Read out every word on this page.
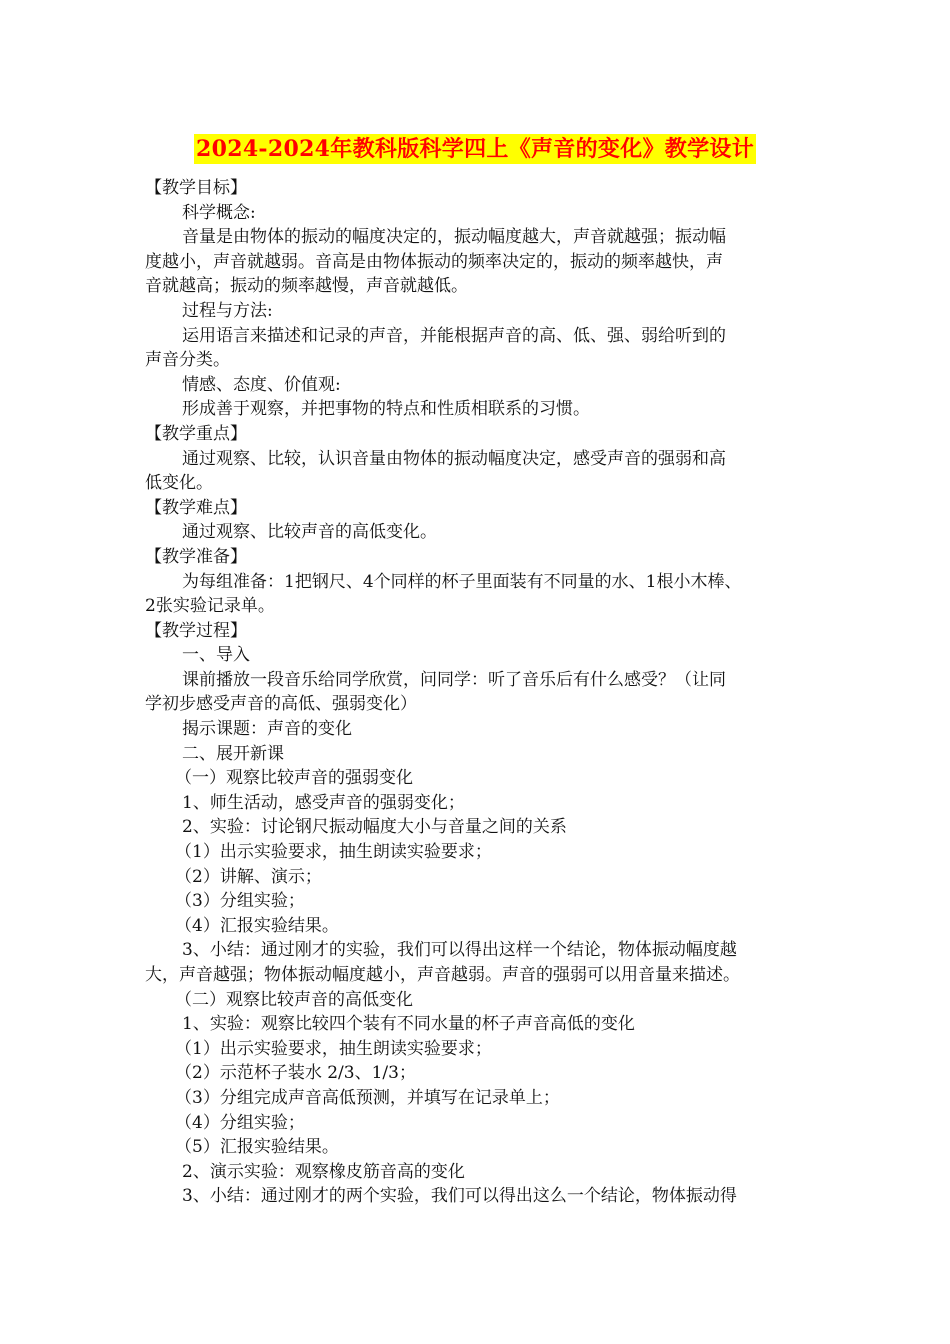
2024-2024年教科版科学四上《声音的变化》教学设计

【教学目标】

科学概念:

音量是由物体的振动的幅度决定的，振动幅度越大，声音就越强；振动幅

度越小，声音就越弱。音高是由物体振动的频率决定的，振动的频率越快，声

音就越高；振动的频率越慢，声音就越低。

过程与方法:

运用语言来描述和记录的声音，并能根据声音的高、低、强、弱给听到的

声音分类。

情感、态度、价值观:

形成善于观察，并把事物的特点和性质相联系的习惯。

【教学重点】

通过观察、比较，认识音量由物体的振动幅度决定，感受声音的强弱和高

低变化。

【教学难点】

通过观察、比较声音的高低变化。

【教学准备】

为每组准备：1把钢尺、4个同样的杯子里面装有不同量的水、1根小木棒、

2张实验记录单。

【教学过程】

一、导入

课前播放一段音乐给同学欣赏，问同学：听了音乐后有什么感受？（让同

学初步感受声音的高低、强弱变化）

揭示课题：声音的变化

二、展开新课

（一）观察比较声音的强弱变化

1、师生活动，感受声音的强弱变化；

2、实验：讨论钢尺振动幅度大小与音量之间的关系

（1）出示实验要求，抽生朗读实验要求；

（2）讲解、演示；

（3）分组实验；

（4）汇报实验结果。

3、小结：通过刚才的实验，我们可以得出这样一个结论，物体振动幅度越

大，声音越强；物体振动幅度越小，声音越弱。声音的强弱可以用音量来描述。

（二）观察比较声音的高低变化

1、实验：观察比较四个装有不同水量的杯子声音高低的变化

（1）出示实验要求，抽生朗读实验要求；

（2）示范杯子装水 2/3、1/3；

（3）分组完成声音高低预测，并填写在记录单上；

（4）分组实验；

（5）汇报实验结果。

2、演示实验：观察橡皮筋音高的变化

3、小结：通过刚才的两个实验，我们可以得出这么一个结论，物体振动得
